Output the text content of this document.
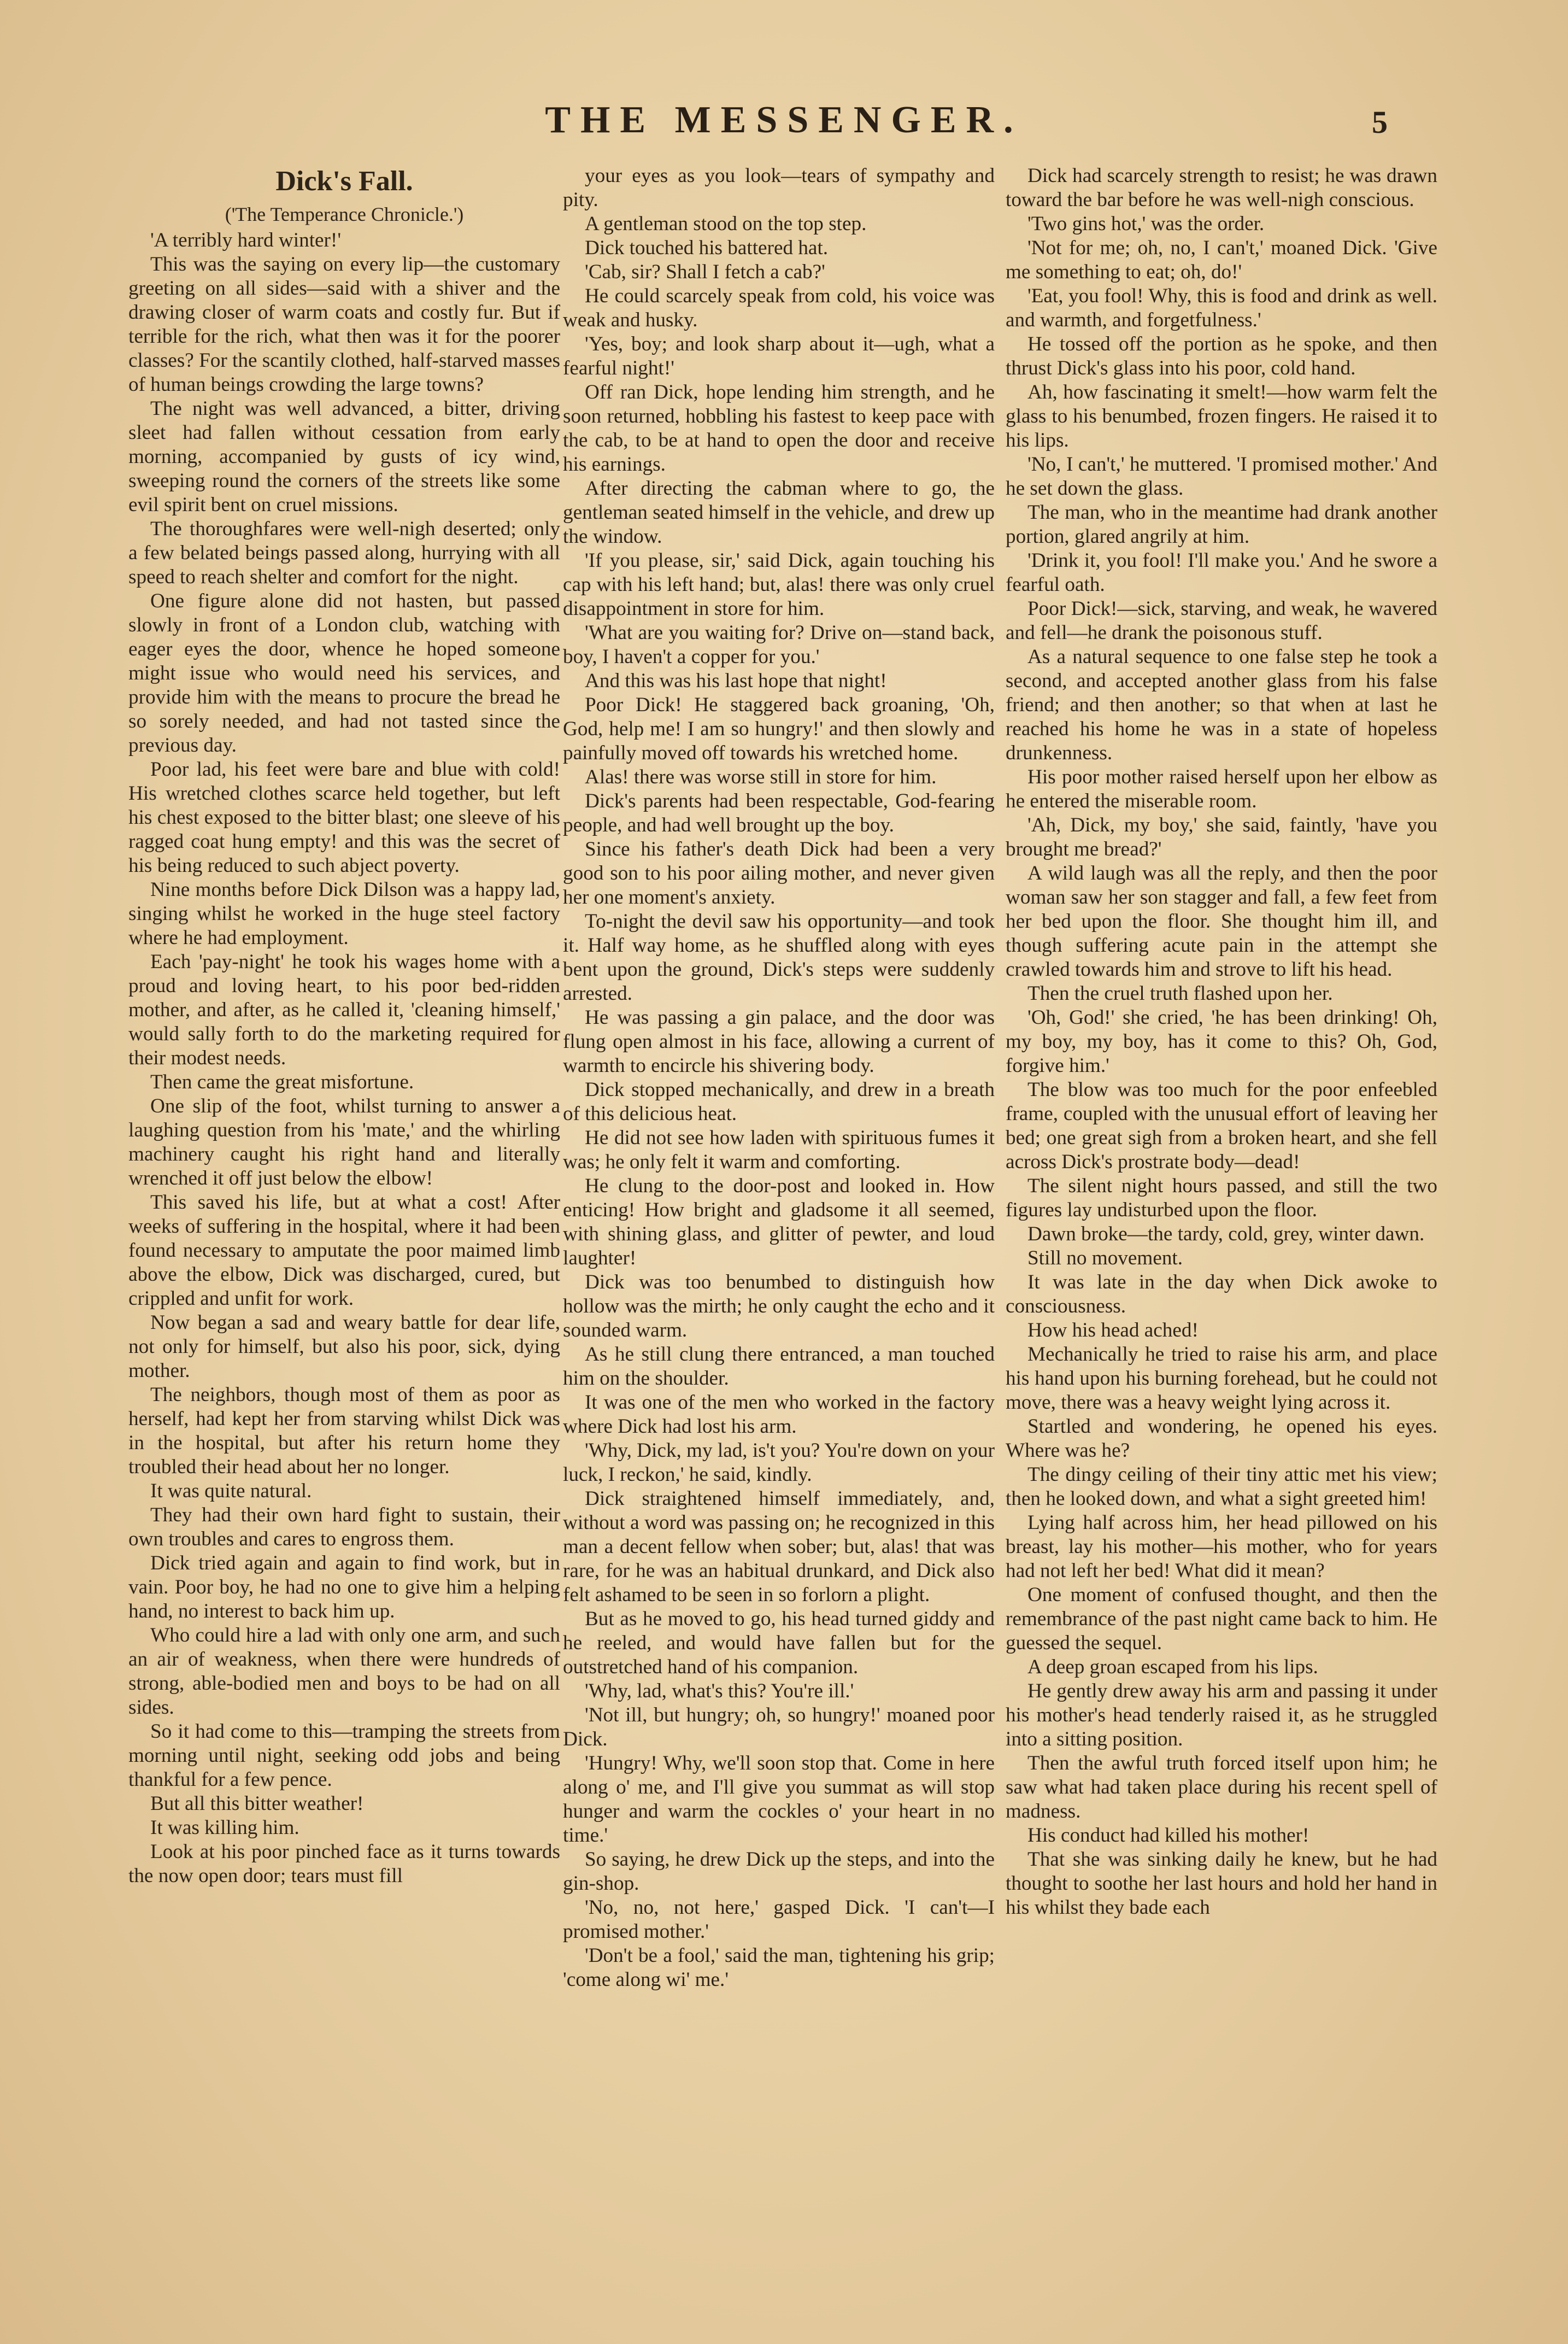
THE MESSENGER.	5
Dick's Fall.
('The Temperance Chronicle.')

'A terribly hard winter!'

This was the saying on every lip—the customary greeting on all sides—said with a shiver and the drawing closer of warm coats and costly fur. But if terrible for the rich, what then was it for the poorer classes? For the scantily clothed, half-starved masses of human beings crowding the large towns?

The night was well advanced, a bitter, driving sleet had fallen without cessation from early morning, accompanied by gusts of icy wind, sweeping round the corners of the streets like some evil spirit bent on cruel missions.

The thoroughfares were well-nigh deserted; only a few belated beings passed along, hurrying with all speed to reach shelter and comfort for the night.

One figure alone did not hasten, but passed slowly in front of a London club, watching with eager eyes the door, whence he hoped someone might issue who would need his services, and provide him with the means to procure the bread he so sorely needed, and had not tasted since the previous day.

Poor lad, his feet were bare and blue with cold! His wretched clothes scarce held together, but left his chest exposed to the bitter blast; one sleeve of his ragged coat hung empty! and this was the secret of his being reduced to such abject poverty.

Nine months before Dick Dilson was a happy lad, singing whilst he worked in the huge steel factory where he had employment.

Each 'pay-night' he took his wages home with a proud and loving heart, to his poor bed-ridden mother, and after, as he called it, 'cleaning himself,' would sally forth to do the marketing required for their modest needs.

Then came the great misfortune.

One slip of the foot, whilst turning to answer a laughing question from his 'mate,' and the whirling machinery caught his right hand and literally wrenched it off just below the elbow!

This saved his life, but at what a cost! After weeks of suffering in the hospital, where it had been found necessary to amputate the poor maimed limb above the elbow, Dick was discharged, cured, but crippled and unfit for work.

Now began a sad and weary battle for dear life, not only for himself, but also his poor, sick, dying mother.

The neighbors, though most of them as poor as herself, had kept her from starving whilst Dick was in the hospital, but after his return home they troubled their head about her no longer.

It was quite natural.

They had their own hard fight to sustain, their own troubles and cares to engross them.

Dick tried again and again to find work, but in vain. Poor boy, he had no one to give him a helping hand, no interest to back him up.

Who could hire a lad with only one arm, and such an air of weakness, when there were hundreds of strong, able-bodied men and boys to be had on all sides.

So it had come to this—tramping the streets from morning until night, seeking odd jobs and being thankful for a few pence.

But all this bitter weather!

It was killing him.

Look at his poor pinched face as it turns towards the now open door; tears must fill

your eyes as you look—tears of sympathy and pity.

A gentleman stood on the top step.

Dick touched his battered hat.

'Cab, sir? Shall I fetch a cab?'

He could scarcely speak from cold, his voice was weak and husky.

'Yes, boy; and look sharp about it—ugh, what a fearful night!'

Off ran Dick, hope lending him strength, and he soon returned, hobbling his fastest to keep pace with the cab, to be at hand to open the door and receive his earnings.

After directing the cabman where to go, the gentleman seated himself in the vehicle, and drew up the window.

'If you please, sir,' said Dick, again touching his cap with his left hand; but, alas! there was only cruel disappointment in store for him.

'What are you waiting for? Drive on—stand back, boy, I haven't a copper for you.'

And this was his last hope that night!

Poor Dick! He staggered back groaning, 'Oh, God, help me! I am so hungry!' and then slowly and painfully moved off towards his wretched home.

Alas! there was worse still in store for him.

Dick's parents had been respectable, God-fearing people, and had well brought up the boy.

Since his father's death Dick had been a very good son to his poor ailing mother, and never given her one moment's anxiety.

To-night the devil saw his opportunity—and took it. Half way home, as he shuffled along with eyes bent upon the ground, Dick's steps were suddenly arrested.

He was passing a gin palace, and the door was flung open almost in his face, allowing a current of warmth to encircle his shivering body.

Dick stopped mechanically, and drew in a breath of this delicious heat.

He did not see how laden with spirituous fumes it was; he only felt it warm and comforting.

He clung to the door-post and looked in. How enticing! How bright and gladsome it all seemed, with shining glass, and glitter of pewter, and loud laughter!

Dick was too benumbed to distinguish how hollow was the mirth; he only caught the echo and it sounded warm.

As he still clung there entranced, a man touched him on the shoulder.

It was one of the men who worked in the factory where Dick had lost his arm.

'Why, Dick, my lad, is't you? You're down on your luck, I reckon,' he said, kindly.

Dick straightened himself immediately, and, without a word was passing on; he recognized in this man a decent fellow when sober; but, alas! that was rare, for he was an habitual drunkard, and Dick also felt ashamed to be seen in so forlorn a plight.

But as he moved to go, his head turned giddy and he reeled, and would have fallen but for the outstretched hand of his companion.

'Why, lad, what's this? You're ill.'

'Not ill, but hungry; oh, so hungry!' moaned poor Dick.

'Hungry! Why, we'll soon stop that. Come in here along o' me, and I'll give you summat as will stop hunger and warm the cockles o' your heart in no time.'

So saying, he drew Dick up the steps, and into the gin-shop.

'No, no, not here,' gasped Dick. 'I can't—I promised mother.'

'Don't be a fool,' said the man, tightening his grip; 'come along wi' me.'

Dick had scarcely strength to resist; he was drawn toward the bar before he was well-nigh conscious.

'Two gins hot,' was the order.

'Not for me; oh, no, I can't,' moaned Dick. 'Give me something to eat; oh, do!'

'Eat, you fool! Why, this is food and drink as well. and warmth, and forgetfulness.'

He tossed off the portion as he spoke, and then thrust Dick's glass into his poor, cold hand.

Ah, how fascinating it smelt!—how warm felt the glass to his benumbed, frozen fingers. He raised it to his lips.

'No, I can't,' he muttered. 'I promised mother.' And he set down the glass.

The man, who in the meantime had drank another portion, glared angrily at him.

'Drink it, you fool! I'll make you.' And he swore a fearful oath.

Poor Dick!—sick, starving, and weak, he wavered and fell—he drank the poisonous stuff.

As a natural sequence to one false step he took a second, and accepted another glass from his false friend; and then another; so that when at last he reached his home he was in a state of hopeless drunkenness.

His poor mother raised herself upon her elbow as he entered the miserable room.

'Ah, Dick, my boy,' she said, faintly, 'have you brought me bread?'

A wild laugh was all the reply, and then the poor woman saw her son stagger and fall, a few feet from her bed upon the floor. She thought him ill, and though suffering acute pain in the attempt she crawled towards him and strove to lift his head.

Then the cruel truth flashed upon her.

'Oh, God!' she cried, 'he has been drinking! Oh, my boy, my boy, has it come to this? Oh, God, forgive him.'

The blow was too much for the poor enfeebled frame, coupled with the unusual effort of leaving her bed; one great sigh from a broken heart, and she fell across Dick's prostrate body—dead!

The silent night hours passed, and still the two figures lay undisturbed upon the floor.

Dawn broke—the tardy, cold, grey, winter dawn.

Still no movement.

It was late in the day when Dick awoke to consciousness.

How his head ached!

Mechanically he tried to raise his arm, and place his hand upon his burning forehead, but he could not move, there was a heavy weight lying across it.

Startled and wondering, he opened his eyes. Where was he?

The dingy ceiling of their tiny attic met his view; then he looked down, and what a sight greeted him!

Lying half across him, her head pillowed on his breast, lay his mother—his mother, who for years had not left her bed! What did it mean?

One moment of confused thought, and then the remembrance of the past night came back to him. He guessed the sequel.

A deep groan escaped from his lips.

He gently drew away his arm and passing it under his mother's head tenderly raised it, as he struggled into a sitting position.

Then the awful truth forced itself upon him; he saw what had taken place during his recent spell of madness.

His conduct had killed his mother!

That she was sinking daily he knew, but he had thought to soothe her last hours and hold her hand in his whilst they bade each
